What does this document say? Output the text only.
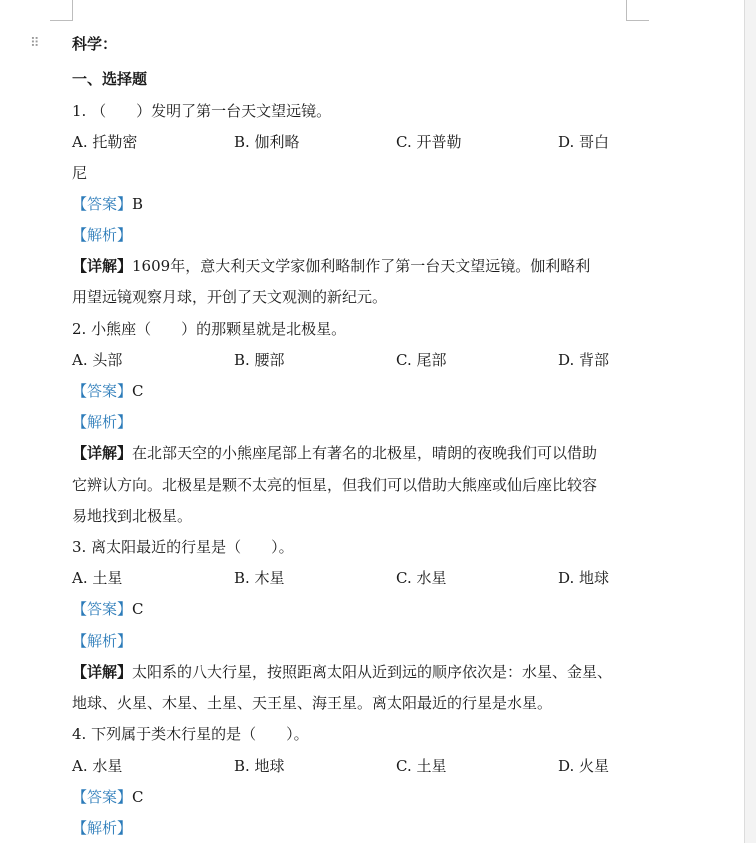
⠿ 科学：
一、选择题
1. （　　）发明了第一台天文望远镜。
A. 托勒密	B. 伽利略	C. 开普勒	D. 哥白
尼
【答案】B
【解析】
【详解】1609年，意大利天文学家伽利略制作了第一台天文望远镜。伽利略利
用望远镜观察月球，开创了天文观测的新纪元。
2. 小熊座（　　）的那颗星就是北极星。
A. 头部	B. 腰部	C. 尾部	D. 背部
【答案】C
【解析】
【详解】在北部天空的小熊座尾部上有著名的北极星，晴朗的夜晚我们可以借助
它辨认方向。北极星是颗不太亮的恒星，但我们可以借助大熊座或仙后座比较容
易地找到北极星。
3. 离太阳最近的行星是（　　）。
A. 土星	B. 木星	C. 水星	D. 地球
【答案】C
【解析】
【详解】太阳系的八大行星，按照距离太阳从近到远的顺序依次是：水星、金星、
地球、火星、木星、土星、天王星、海王星。离太阳最近的行星是水星。
4. 下列属于类木行星的是（　　）。
A. 水星	B. 地球	C. 土星	D. 火星
【答案】C
【解析】
